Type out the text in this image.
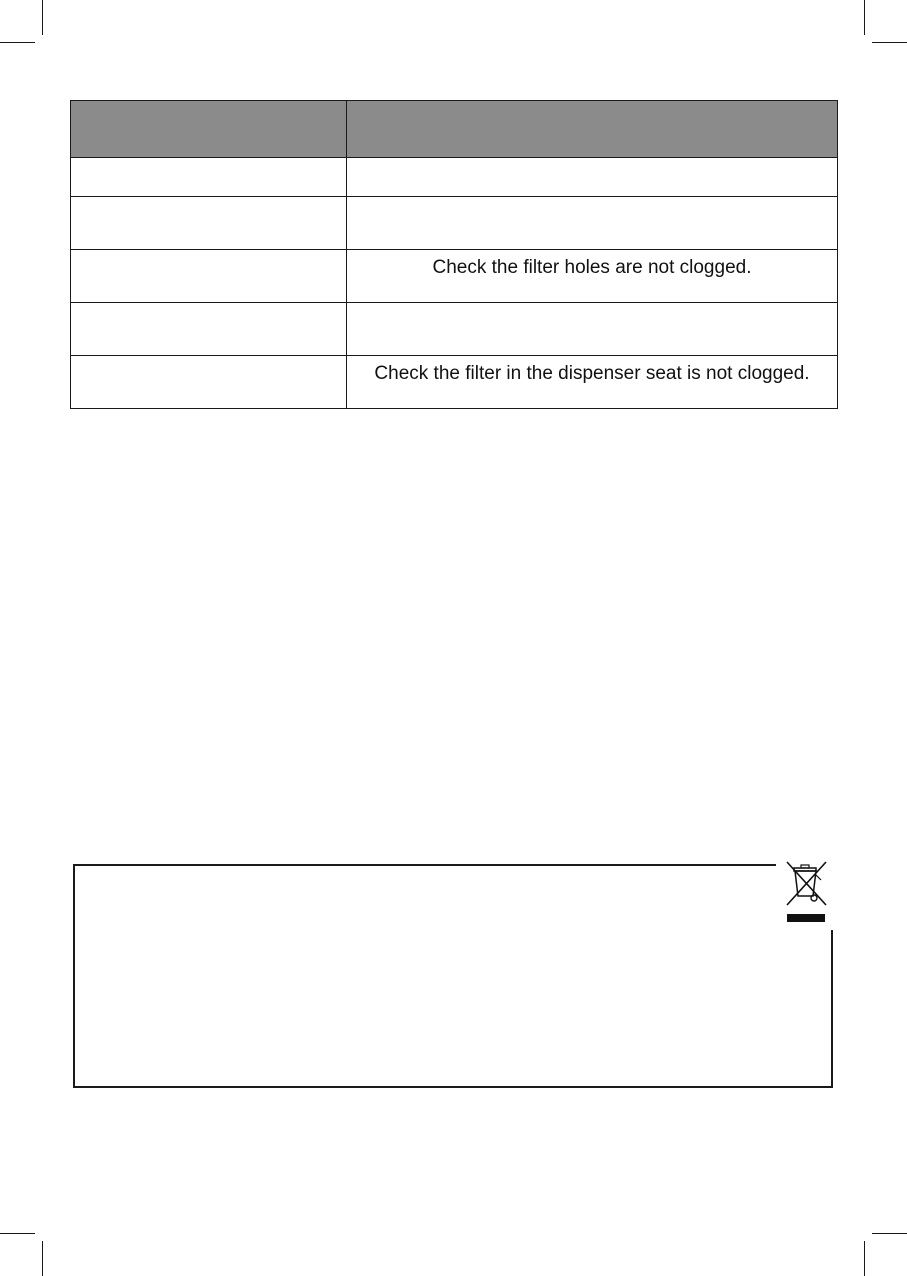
	Check the filter holes are not clogged.

	Check the filter in the dispenser seat is not clogged.
